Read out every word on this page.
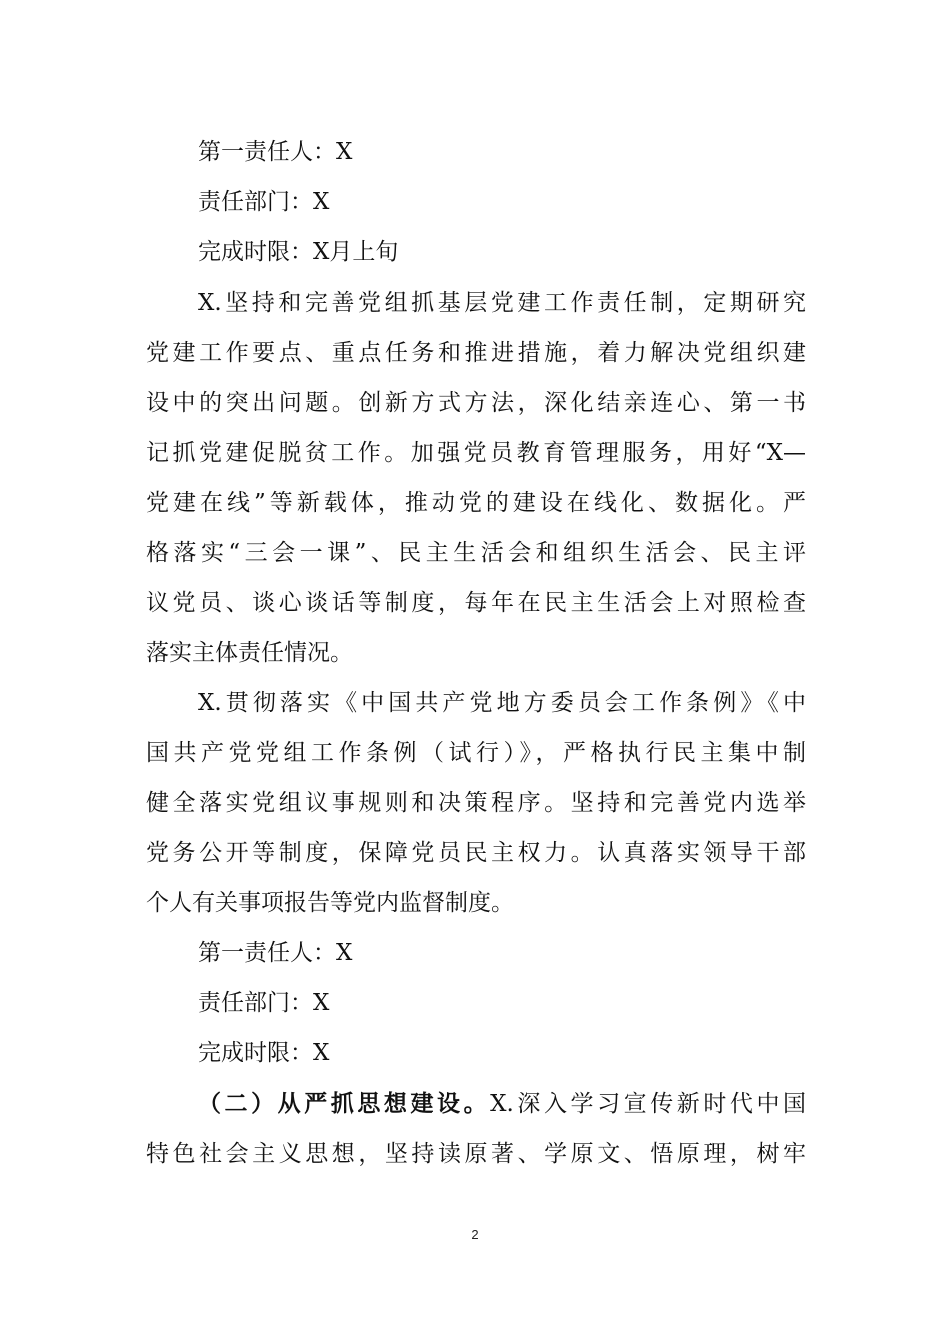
第一责任人：X
责任部门：X
完成时限：X月上旬
X.坚持和完善党组抓基层党建工作责任制，定期研究
党建工作要点、重点任务和推进措施，着力解决党组织建
设中的突出问题。创新方式方法，深化结亲连心、第一书
记抓党建促脱贫工作。加强党员教育管理服务，用好“X—
党建在线”等新载体，推动党的建设在线化、数据化。严
格落实“三会一课”、民主生活会和组织生活会、民主评
议党员、谈心谈话等制度，每年在民主生活会上对照检查
落实主体责任情况。
X.贯彻落实《中国共产党地方委员会工作条例》《中
国共产党党组工作条例（试行）》，严格执行民主集中制
健全落实党组议事规则和决策程序。坚持和完善党内选举
党务公开等制度，保障党员民主权力。认真落实领导干部
个人有关事项报告等党内监督制度。
第一责任人：X
责任部门：X
完成时限：X
（二）从严抓思想建设。X.深入学习宣传新时代中国
特色社会主义思想，坚持读原著、学原文、悟原理，树牢
2
